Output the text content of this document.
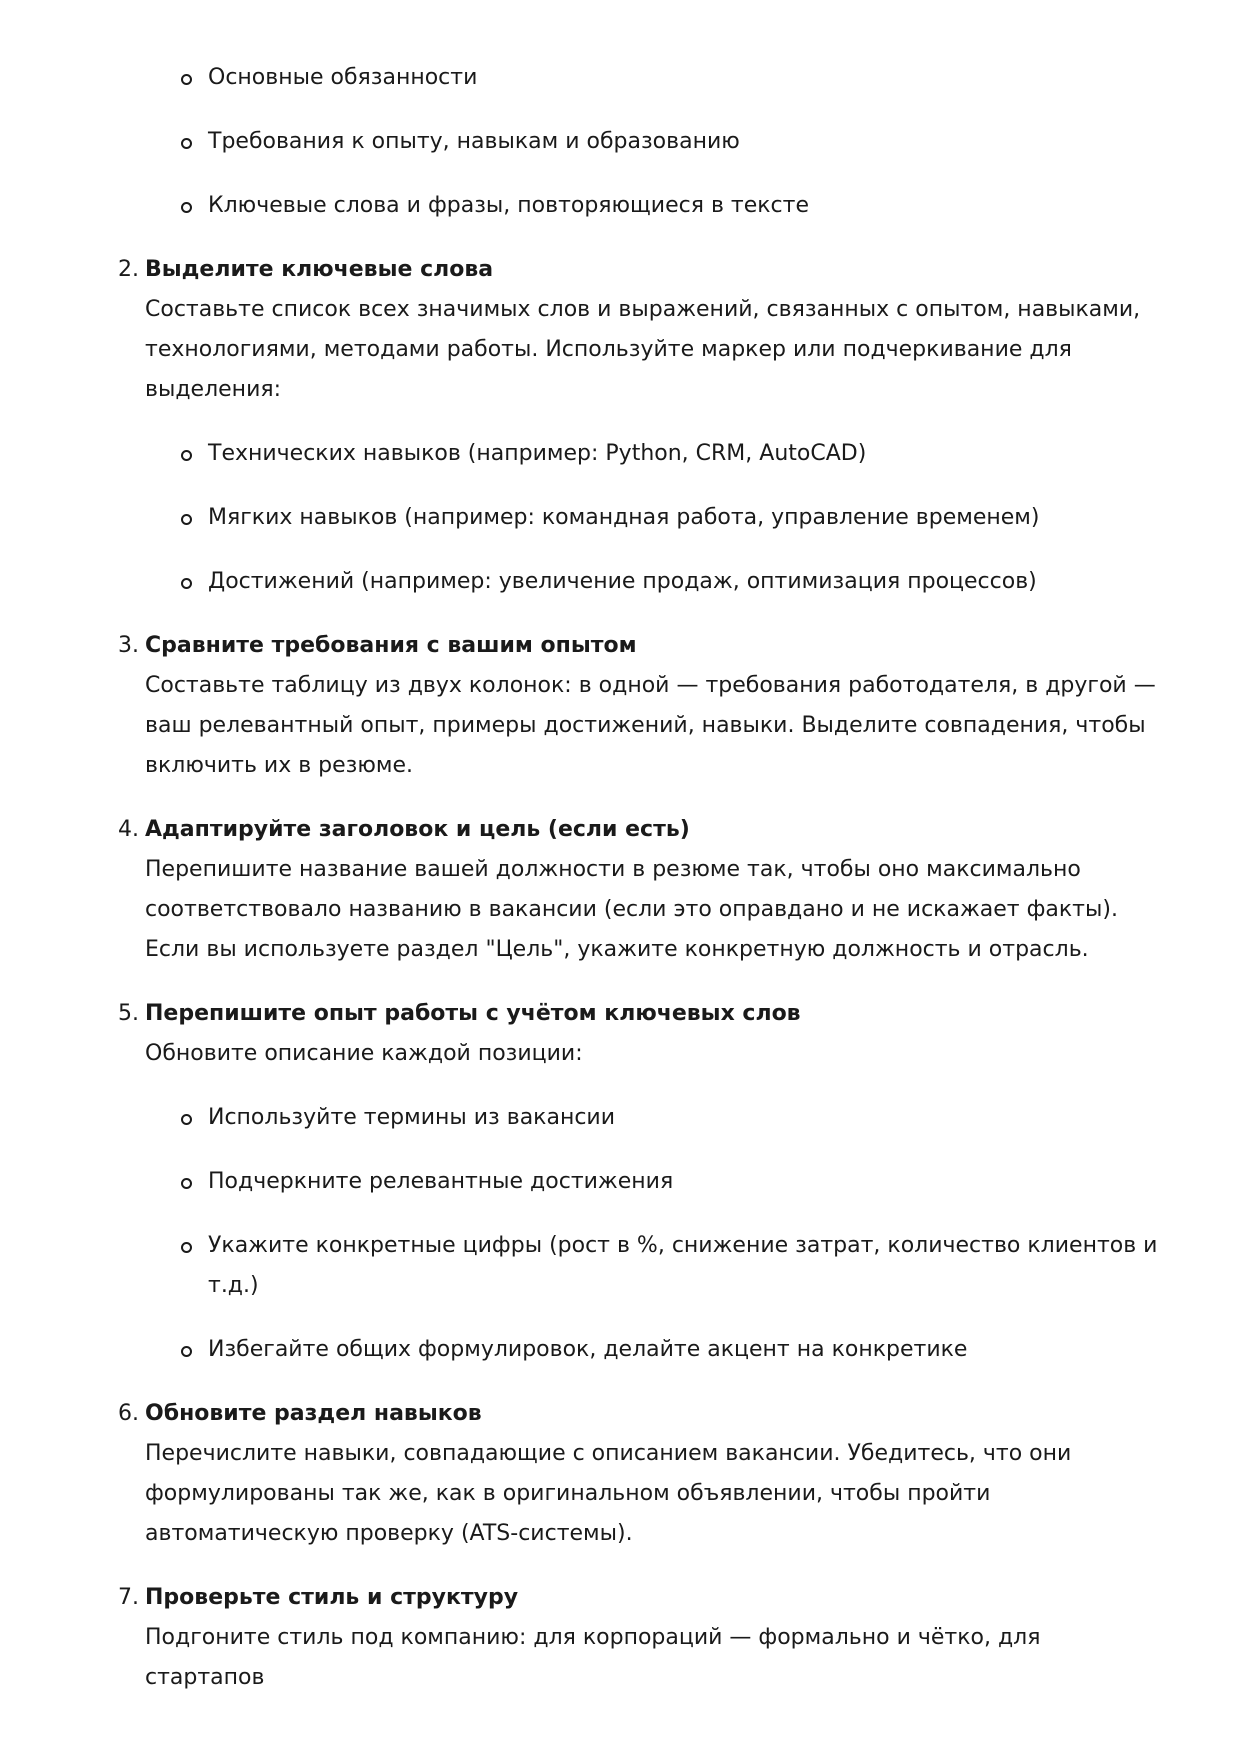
Основные обязанности
Требования к опыту, навыкам и образованию
Ключевые слова и фразы, повторяющиеся в тексте
2. Выделите ключевые слова
Составьте список всех значимых слов и выражений, связанных с опытом, навыками, технологиями, методами работы. Используйте маркер или подчеркивание для выделения:
Технических навыков (например: Python, CRM, AutoCAD)
Мягких навыков (например: командная работа, управление временем)
Достижений (например: увеличение продаж, оптимизация процессов)
3. Сравните требования с вашим опытом
Составьте таблицу из двух колонок: в одной — требования работодателя, в другой — ваш релевантный опыт, примеры достижений, навыки. Выделите совпадения, чтобы включить их в резюме.
4. Адаптируйте заголовок и цель (если есть)
Перепишите название вашей должности в резюме так, чтобы оно максимально соответствовало названию в вакансии (если это оправдано и не искажает факты). Если вы используете раздел "Цель", укажите конкретную должность и отрасль.
5. Перепишите опыт работы с учётом ключевых слов
Обновите описание каждой позиции:
Используйте термины из вакансии
Подчеркните релевантные достижения
Укажите конкретные цифры (рост в %, снижение затрат, количество клиентов и т.д.)
Избегайте общих формулировок, делайте акцент на конкретике
6. Обновите раздел навыков
Перечислите навыки, совпадающие с описанием вакансии. Убедитесь, что они формулированы так же, как в оригинальном объявлении, чтобы пройти автоматическую проверку (ATS-системы).
7. Проверьте стиль и структуру
Подгоните стиль под компанию: для корпораций — формально и чётко, для стартапов
